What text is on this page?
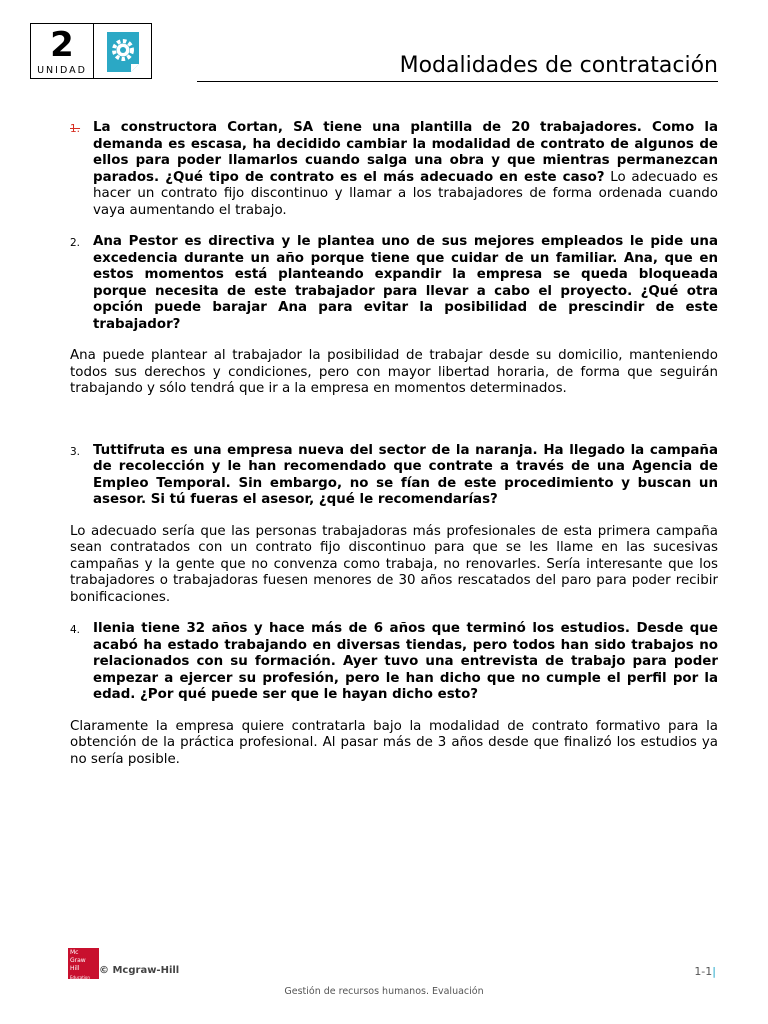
2
UNIDAD	Modalidades de contratación
1. La constructora Cortan, SA tiene una plantilla de 20 trabajadores. Como la demanda es escasa, ha decidido cambiar la modalidad de contrato de algunos de ellos para poder llamarlos cuando salga una obra y que mientras permanezcan parados. ¿Qué tipo de contrato es el más adecuado en este caso? Lo adecuado es hacer un contrato fijo discontinuo y llamar a los trabajadores de forma ordenada cuando vaya aumentando el trabajo.
2. Ana Pestor es directiva y le plantea uno de sus mejores empleados le pide una excedencia durante un año porque tiene que cuidar de un familiar. Ana, que en estos momentos está planteando expandir la empresa se queda bloqueada porque necesita de este trabajador para llevar a cabo el proyecto. ¿Qué otra opción puede barajar Ana para evitar la posibilidad de prescindir de este trabajador?
Ana puede plantear al trabajador la posibilidad de trabajar desde su domicilio, manteniendo todos sus derechos y condiciones, pero con mayor libertad horaria, de forma que seguirán trabajando y sólo tendrá que ir a la empresa en momentos determinados.
3. Tuttifruta es una empresa nueva del sector de la naranja. Ha llegado la campaña de recolección y le han recomendado que contrate a través de una Agencia de Empleo Temporal. Sin embargo, no se fían de este procedimiento y buscan un asesor. Si tú fueras el asesor, ¿qué le recomendarías?
Lo adecuado sería que las personas trabajadoras más profesionales de esta primera campaña sean contratados con un contrato fijo discontinuo para que se les llame en las sucesivas campañas y la gente que no convenza como trabaja, no renovarles. Sería interesante que los trabajadores o trabajadoras fuesen menores de 30 años rescatados del paro para poder recibir bonificaciones.
4. Ilenia tiene 32 años y hace más de 6 años que terminó los estudios. Desde que acabó ha estado trabajando en diversas tiendas, pero todos han sido trabajos no relacionados con su formación. Ayer tuvo una entrevista de trabajo para poder empezar a ejercer su profesión, pero le han dicho que no cumple el perfil por la edad. ¿Por qué puede ser que le hayan dicho esto?
Claramente la empresa quiere contratarla bajo la modalidad de contrato formativo para la obtención de la práctica profesional. Al pasar más de 3 años desde que finalizó los estudios ya no sería posible.
Mc
Graw
Hill
Education
© Mcgraw-Hill	1-1|
Gestión de recursos humanos. Evaluación
